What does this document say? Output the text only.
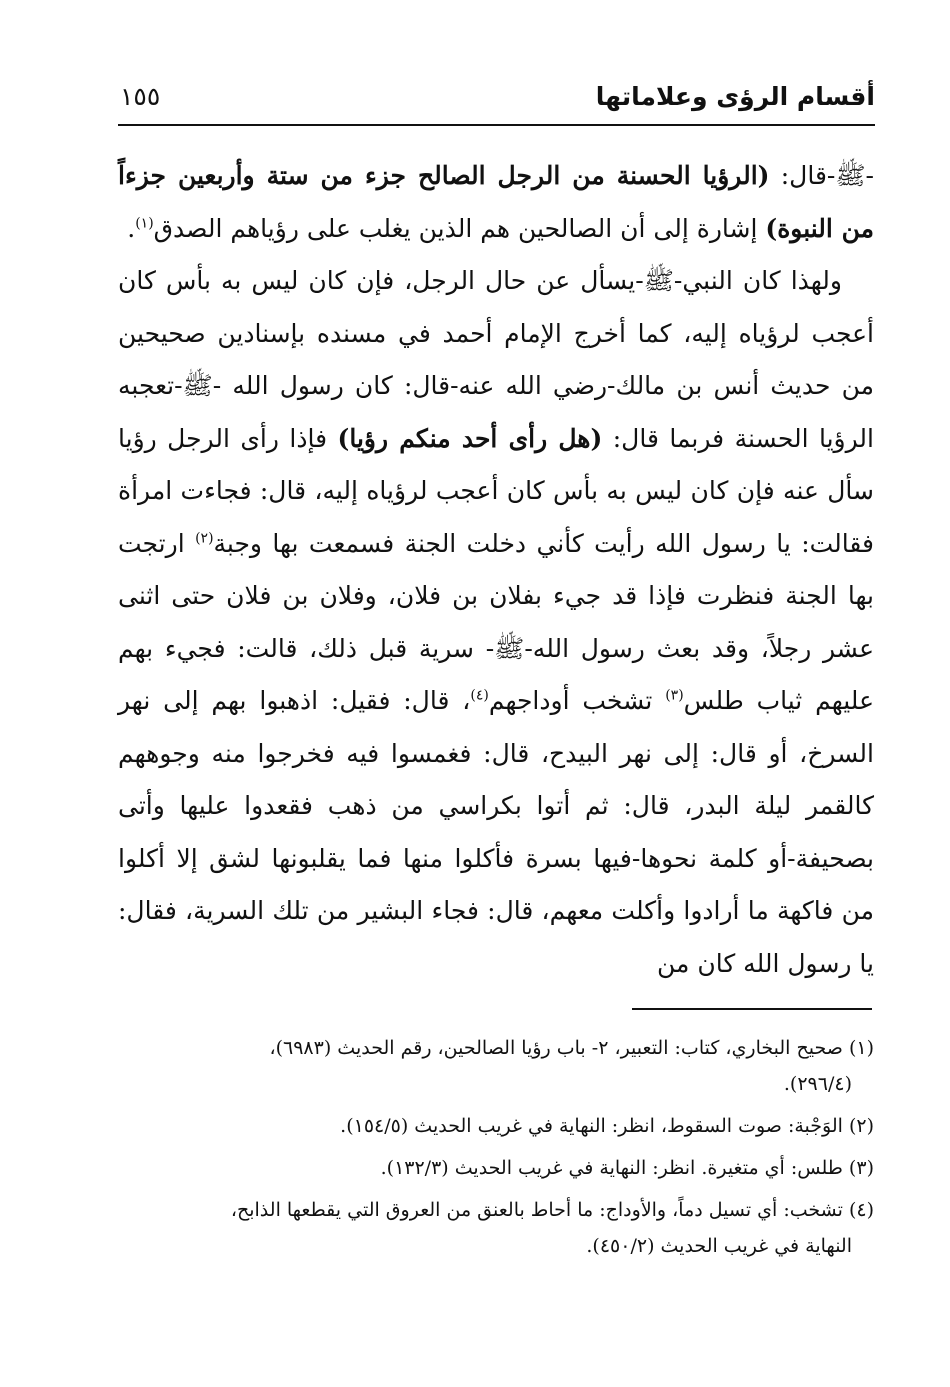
أقسام الرؤى وعلاماتها
١٥٥

-ﷺ-قال: (الرؤيا الحسنة من الرجل الصالح جزء من ستة وأربعين جزءاً من النبوة) إشارة إلى أن الصالحين هم الذين يغلب على رؤياهم الصدق$^{(١)}$.

ولهذا كان النبي-ﷺ-يسأل عن حال الرجل، فإن كان ليس به بأس كان أعجب لرؤياه إليه، كما أخرج الإمام أحمد في مسنده بإسنادين صحيحين من حديث أنس بن مالك-رضي الله عنه-قال: كان رسول الله -ﷺ-تعجبه الرؤيا الحسنة فربما قال: (هل رأى أحد منكم رؤيا) فإذا رأى الرجل رؤيا سأل عنه فإن كان ليس به بأس كان أعجب لرؤياه إليه، قال: فجاءت امرأة فقالت: يا رسول الله رأيت كأني دخلت الجنة فسمعت بها وجبة$^{(٢)}$ ارتجت بها الجنة فنظرت فإذا قد جيء بفلان بن فلان، وفلان بن فلان حتى اثنى عشر رجلاً، وقد بعث رسول الله-ﷺ- سرية قبل ذلك، قالت: فجيء بهم عليهم ثياب طلس$^{(٣)}$ تشخب أوداجهم$^{(٤)}$، قال: فقيل: اذهبوا بهم إلى نهر السرخ، أو قال: إلى نهر البيدح، قال: فغمسوا فيه فخرجوا منه وجوههم كالقمر ليلة البدر، قال: ثم أتوا بكراسي من ذهب فقعدوا عليها وأتى بصحيفة-أو كلمة نحوها-فيها بسرة فأكلوا منها فما يقلبونها لشق إلا أكلوا من فاكهة ما أرادوا وأكلت معهم، قال: فجاء البشير من تلك السرية، فقال: يا رسول الله كان من

(١) صحيح البخاري، كتاب: التعبير، ٢- باب رؤيا الصالحين، رقم الحديث (٦٩٨٣)،
(٢٩٦/٤).

(٢) الوَجْبة: صوت السقوط، انظر: النهاية في غريب الحديث (١٥٤/٥).

(٣) طلس: أي متغيرة. انظر: النهاية في غريب الحديث (١٣٢/٣).

(٤) تشخب: أي تسيل دماً، والأوداج: ما أحاط بالعنق من العروق التي يقطعها الذابح،
النهاية في غريب الحديث (٤٥٠/٢).
